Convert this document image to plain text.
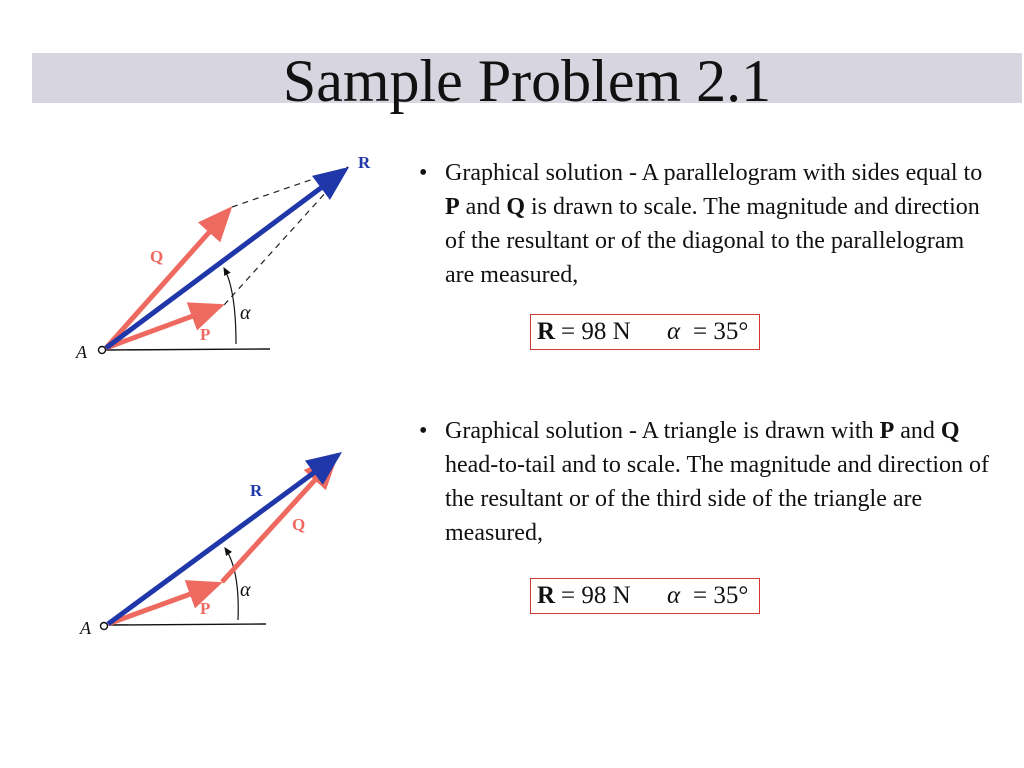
Sample Problem 2.1
A
P
Q
R
α
A
P
Q
R
α
• Graphical solution - A parallelogram with sides equal to P and Q is drawn to scale. The magnitude and direction of the resultant or of the diagonal to the parallelogram are measured,
R = 98 N α = 35°
• Graphical solution - A triangle is drawn with P and Q head-to-tail and to scale. The magnitude and direction of the resultant or of the third side of the triangle are measured,
R = 98 N α = 35°
